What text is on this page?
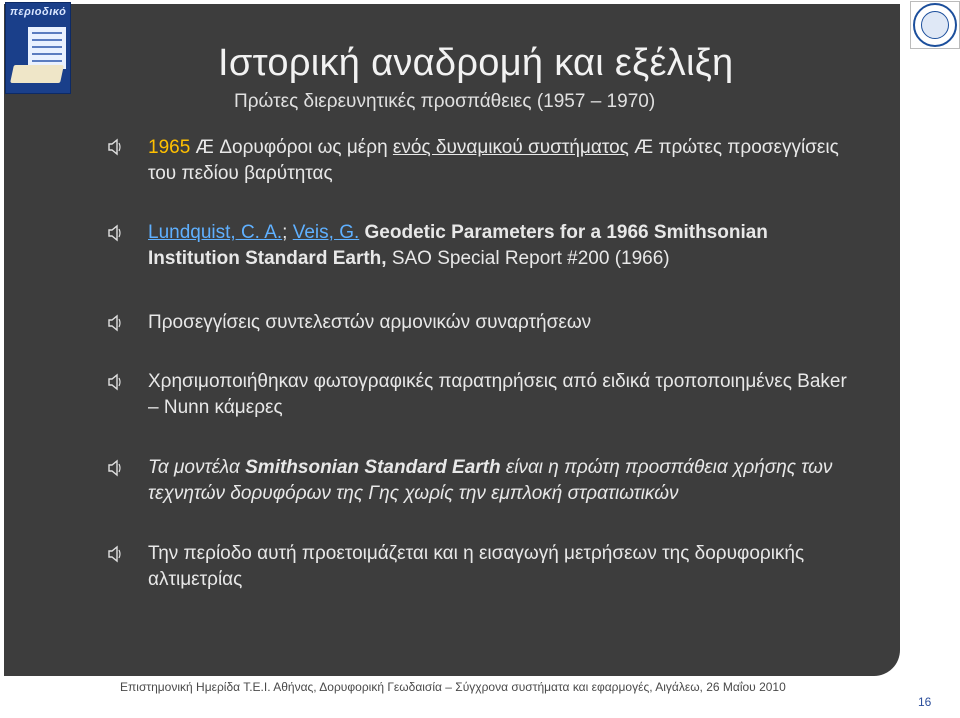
περιοδικό
Ιστορική αναδρομή και εξέλιξη
Πρώτες διερευνητικές προσπάθειες (1957 – 1970)
1965 Æ Δορυφόροι ως μέρη ενός δυναμικού συστήματος Æ πρώτες προσεγγίσεις του πεδίου βαρύτητας
Lundquist, C. A.; Veis, G. Geodetic Parameters for a 1966 Smithsonian Institution Standard Earth, SAO Special Report #200 (1966)
Προσεγγίσεις συντελεστών αρμονικών συναρτήσεων
Χρησιμοποιήθηκαν φωτογραφικές παρατηρήσεις από ειδικά τροποποιημένες Baker – Nunn κάμερες
Τα μοντέλα Smithsonian Standard Earth είναι η πρώτη προσπάθεια χρήσης των τεχνητών δορυφόρων της Γης χωρίς την εμπλοκή στρατιωτικών
Την περίοδο αυτή προετοιμάζεται και η εισαγωγή μετρήσεων της δορυφορικής αλτιμετρίας
Επιστημονική Ημερίδα Τ.Ε.Ι. Αθήνας, Δορυφορική Γεωδαισία – Σύγχρονα συστήματα και εφαρμογές, Αιγάλεω, 26 Μαΐου 2010
16
